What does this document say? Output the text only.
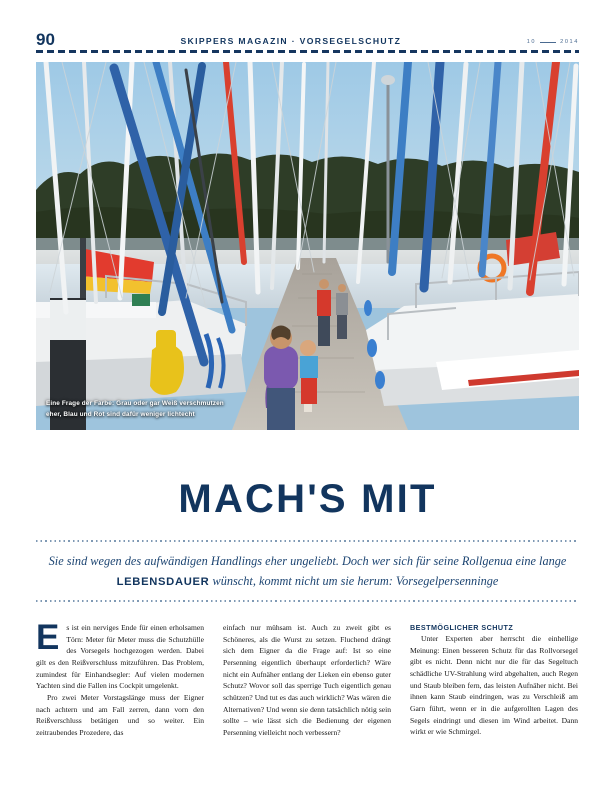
90	SKIPPERS MAGAZIN · VORSEGELSCHUTZ	10	2014
Eine Frage der Farbe: Grau oder gar Weiß verschmutzen eher, Blau und Rot sind dafür weniger lichtecht
MACH'S MIT
Sie sind wegen des aufwändigen Handlings eher ungeliebt. Doch wer sich für seine Rollgenua eine lange LEBENSDAUER wünscht, kommt nicht um sie herum: Vorsegelpersenninge

Es ist ein nerviges Ende für einen erholsamen Törn: Meter für Meter muss die Schutzhülle des Vorsegels hochgezogen werden. Dabei gilt es den Reißverschluss mitzuführen. Das Problem, zumindest für Einhandsegler: Auf vielen modernen Yachten sind die Fallen ins Cockpit umgelenkt.

Pro zwei Meter Vorstagslänge muss der Eigner nach achtern und am Fall zerren, dann vorn den Reißverschluss betätigen und so weiter. Ein zeitraubendes Prozedere, das

einfach nur mühsam ist. Auch zu zweit gibt es Schöneres, als die Wurst zu setzen. Fluchend drängt sich dem Eigner da die Frage auf: Ist so eine Persenning eigentlich überhaupt erforderlich? Wäre nicht ein Aufnäher entlang der Lieken ein ebenso guter Schutz? Wovor soll das sperrige Tuch eigentlich genau schützen? Und tut es das auch wirklich? Was wären die Alternativen? Und wenn sie denn tatsächlich nötig sein sollte – wie lässt sich die Bedienung der eigenen Persenning vielleicht noch verbessern?

BESTMÖGLICHER SCHUTZ

Unter Experten aber herrscht die einhellige Meinung: Einen besseren Schutz für das Rollvorsegel gibt es nicht. Denn nicht nur die für das Segeltuch schädliche UV-Strahlung wird abgehalten, auch Regen und Staub bleiben fern, das leisten Aufnäher nicht. Bei ihnen kann Staub eindringen, was zu Verschleiß am Garn führt, wenn er in die aufgerollten Lagen des Segels eindringt und diesen im Wind arbeitet. Dann wirkt er wie Schmirgel.
